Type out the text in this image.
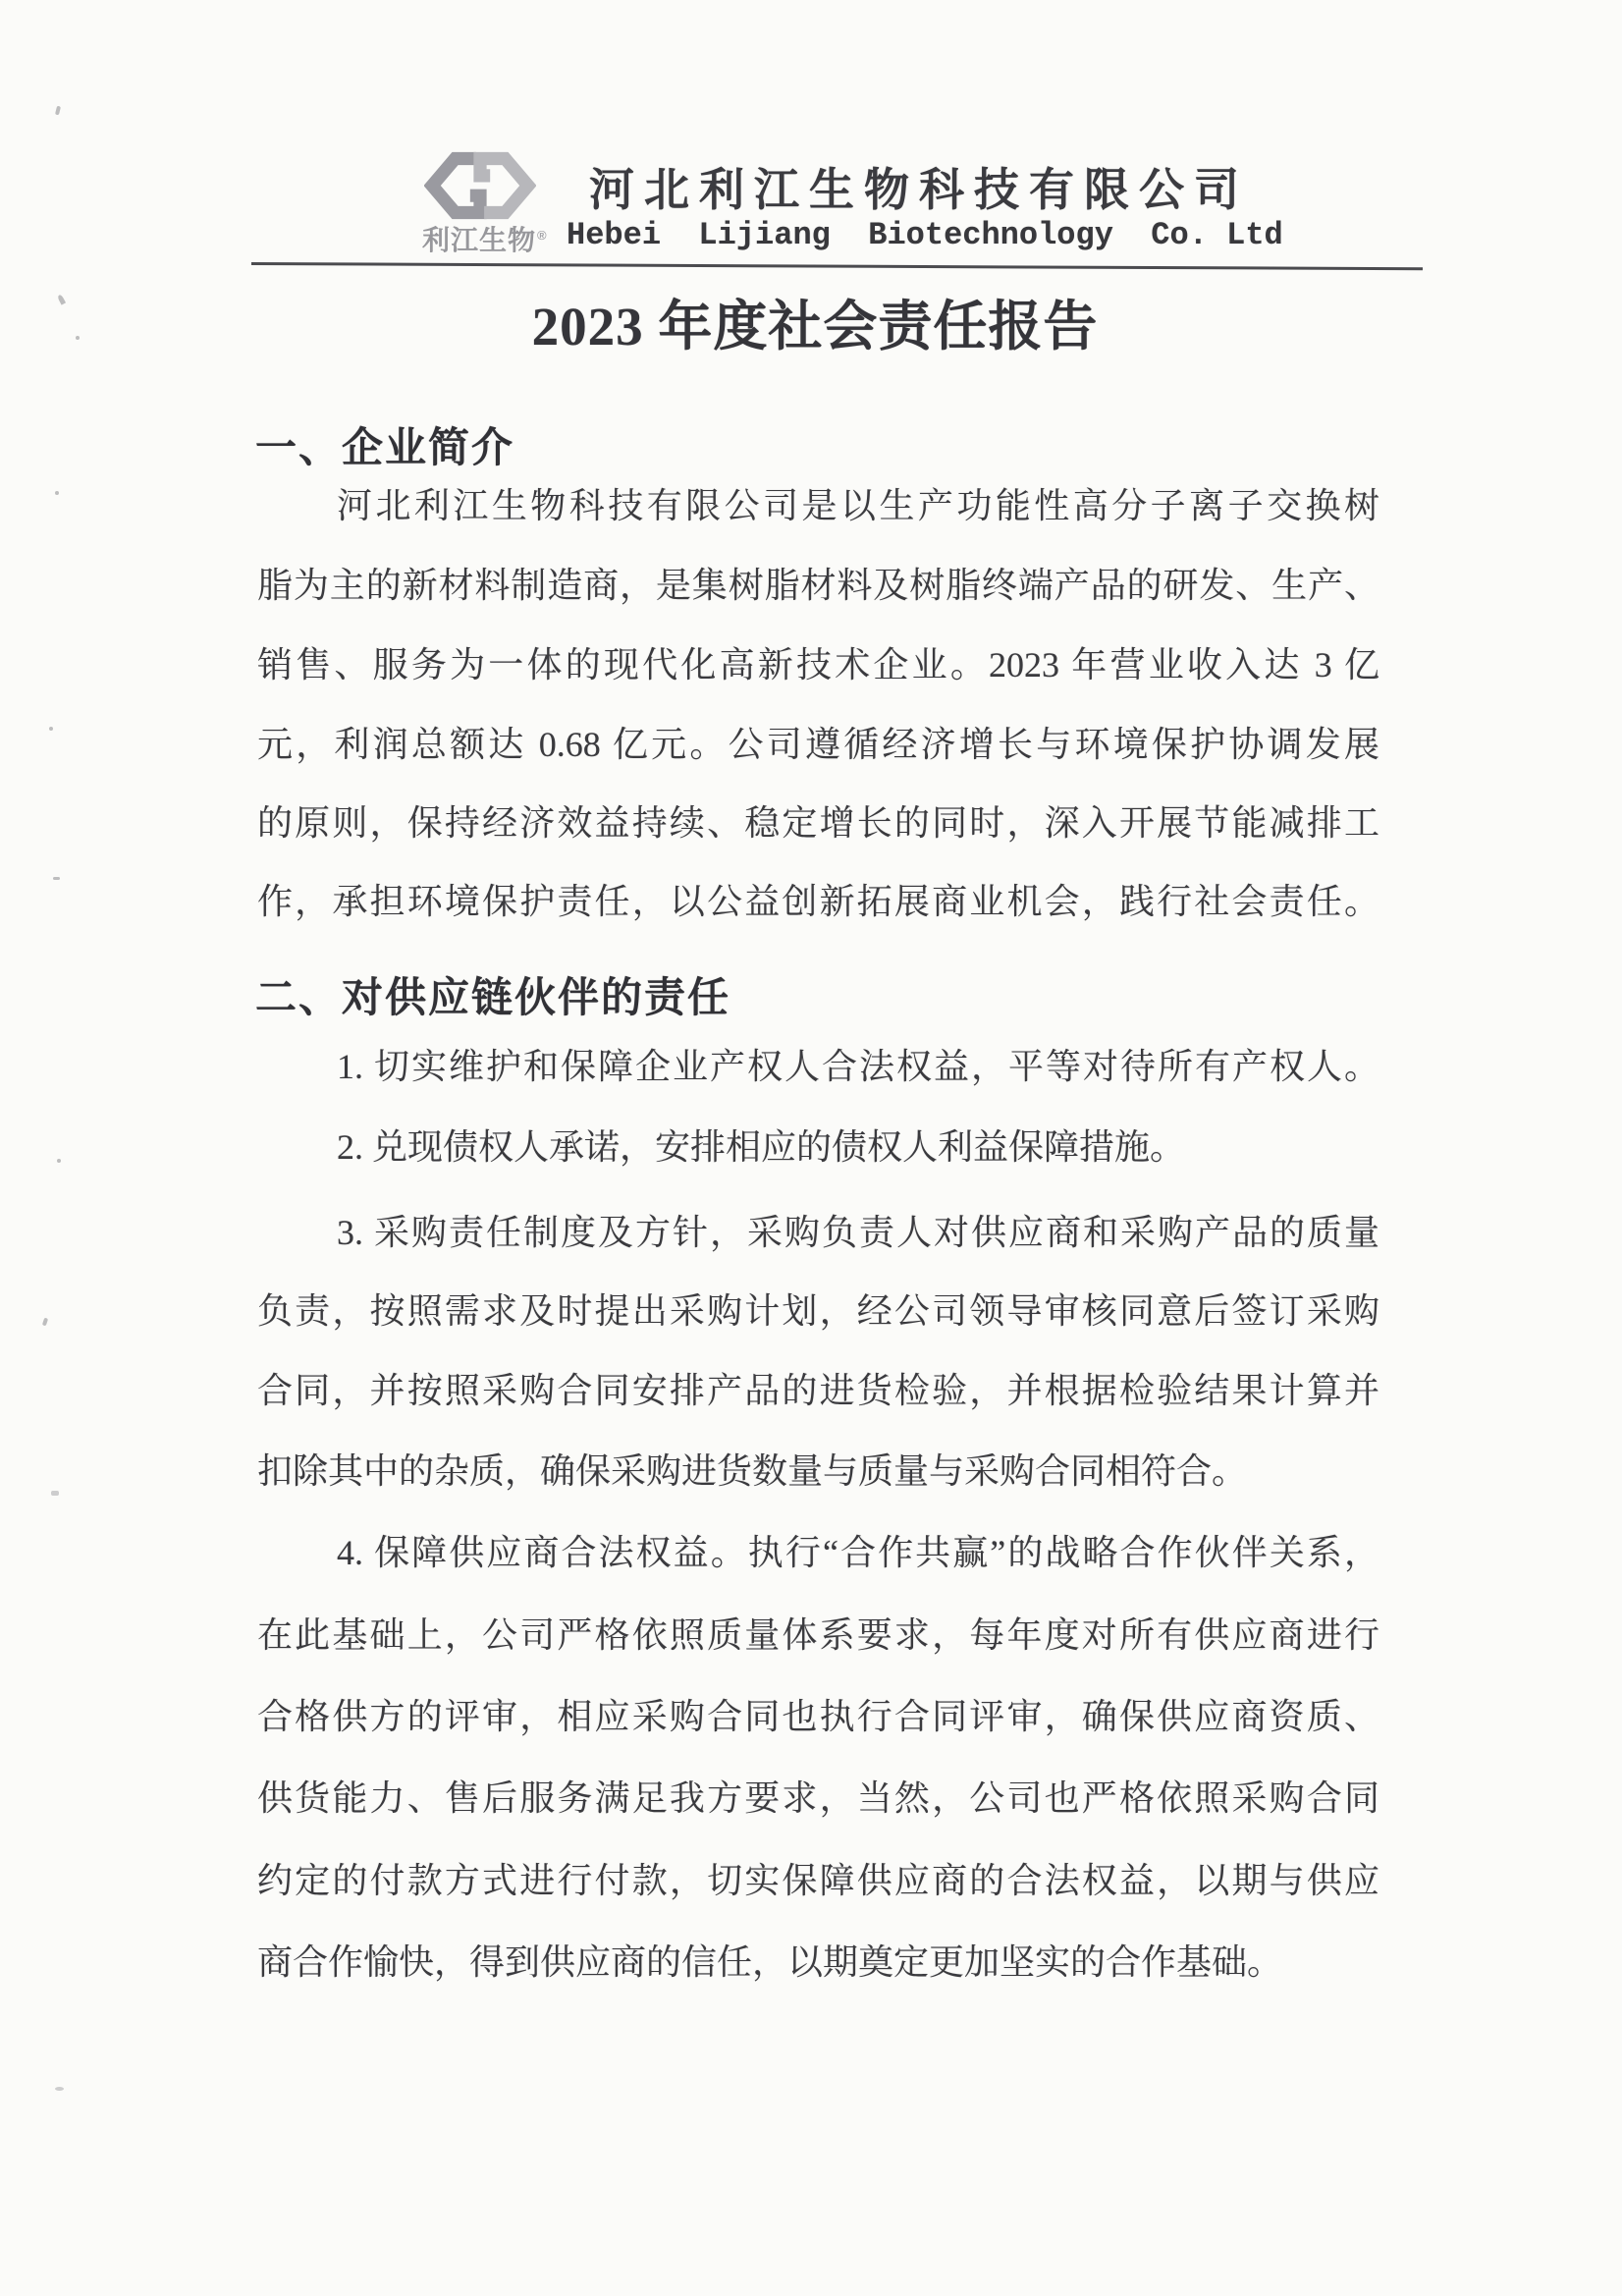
利江生物®
河北利江生物科技有限公司
Hebei  Lijiang  Biotechnology  Co. Ltd
2023 年度社会责任报告
一、企业简介
河北利江生物科技有限公司是以生产功能性高分子离子交换树
脂为主的新材料制造商，是集树脂材料及树脂终端产品的研发、生产、
销售、服务为一体的现代化高新技术企业。2023 年营业收入达 3 亿
元，利润总额达 0.68 亿元。公司遵循经济增长与环境保护协调发展
的原则，保持经济效益持续、稳定增长的同时，深入开展节能减排工
作，承担环境保护责任，以公益创新拓展商业机会，践行社会责任。
二、对供应链伙伴的责任
1. 切实维护和保障企业产权人合法权益，平等对待所有产权人。
2. 兑现债权人承诺，安排相应的债权人利益保障措施。
3. 采购责任制度及方针，采购负责人对供应商和采购产品的质量
负责，按照需求及时提出采购计划，经公司领导审核同意后签订采购
合同，并按照采购合同安排产品的进货检验，并根据检验结果计算并
扣除其中的杂质，确保采购进货数量与质量与采购合同相符合。
4. 保障供应商合法权益。执行“合作共赢”的战略合作伙伴关系，
在此基础上，公司严格依照质量体系要求，每年度对所有供应商进行
合格供方的评审，相应采购合同也执行合同评审，确保供应商资质、
供货能力、售后服务满足我方要求，当然，公司也严格依照采购合同
约定的付款方式进行付款，切实保障供应商的合法权益，以期与供应
商合作愉快，得到供应商的信任，以期奠定更加坚实的合作基础。
